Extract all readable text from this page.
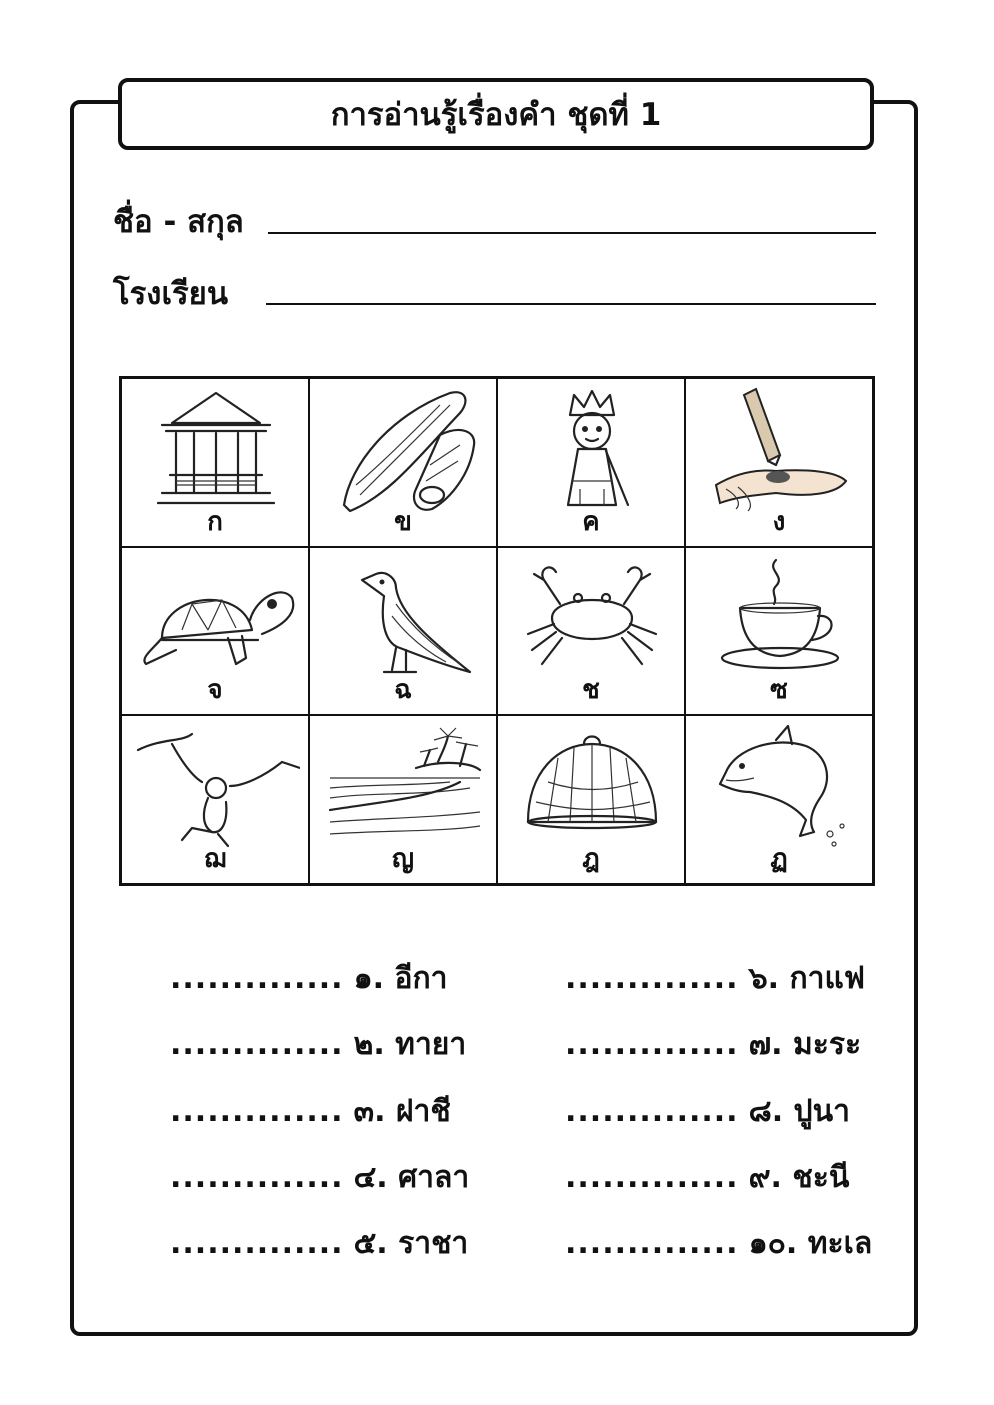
การอ่านรู้เรื่องคำ ชุดที่ 1
ชื่อ - สกุล
โรงเรียน
ก	ข	ค	ง
จ	ฉ	ช	ซ
ฌ	ญ	ฎ	ฏ
.............. ๑. อีกา
.............. ๒. ทายา
.............. ๓. ฝาชี
.............. ๔. ศาลา
.............. ๕. ราชา
.............. ๖. กาแฟ
.............. ๗. มะระ
.............. ๘. ปูนา
.............. ๙. ชะนี
.............. ๑๐. ทะเล
